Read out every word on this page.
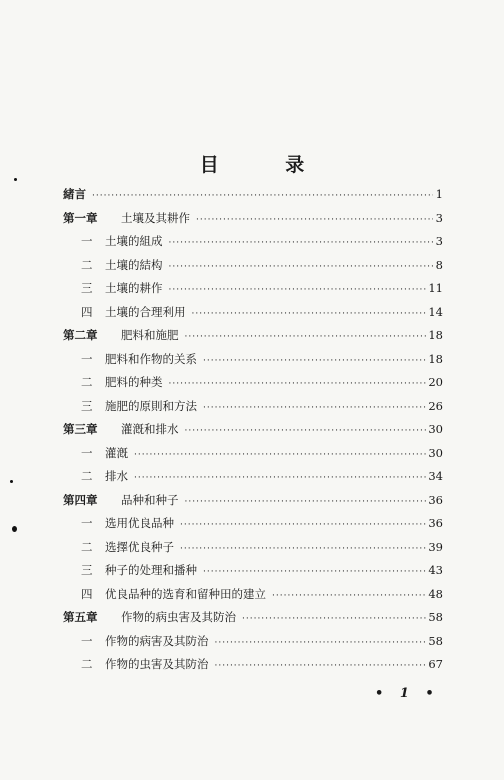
目 录
緒言 ·····	1
第一章	土壤及其耕作 ·····	3
一	土壤的組成 ·····	3
二	土壤的結构 ·····	8
三	土壤的耕作 ·····	11
四	土壤的合理利用 ·····	14
第二章	肥料和施肥 ·····	18
一	肥料和作物的关系 ·····	18
二	肥料的种类 ·····	20
三	施肥的原則和方法 ·····	26
第三章	灌漑和排水 ·····	30
一	灌漑 ·····	30
二	排水 ·····	34
第四章	品种和种子 ·····	36
一	选用优良品种 ·····	36
二	选擇优良种子 ·····	39
三	种子的处理和播种 ·····	43
四	优良品种的选育和留种田的建立 ·····	48
第五章	作物的病虫害及其防治 ·····	58
一	作物的病害及其防治 ·····	58
二	作物的虫害及其防治 ·····	67
• 1 •
